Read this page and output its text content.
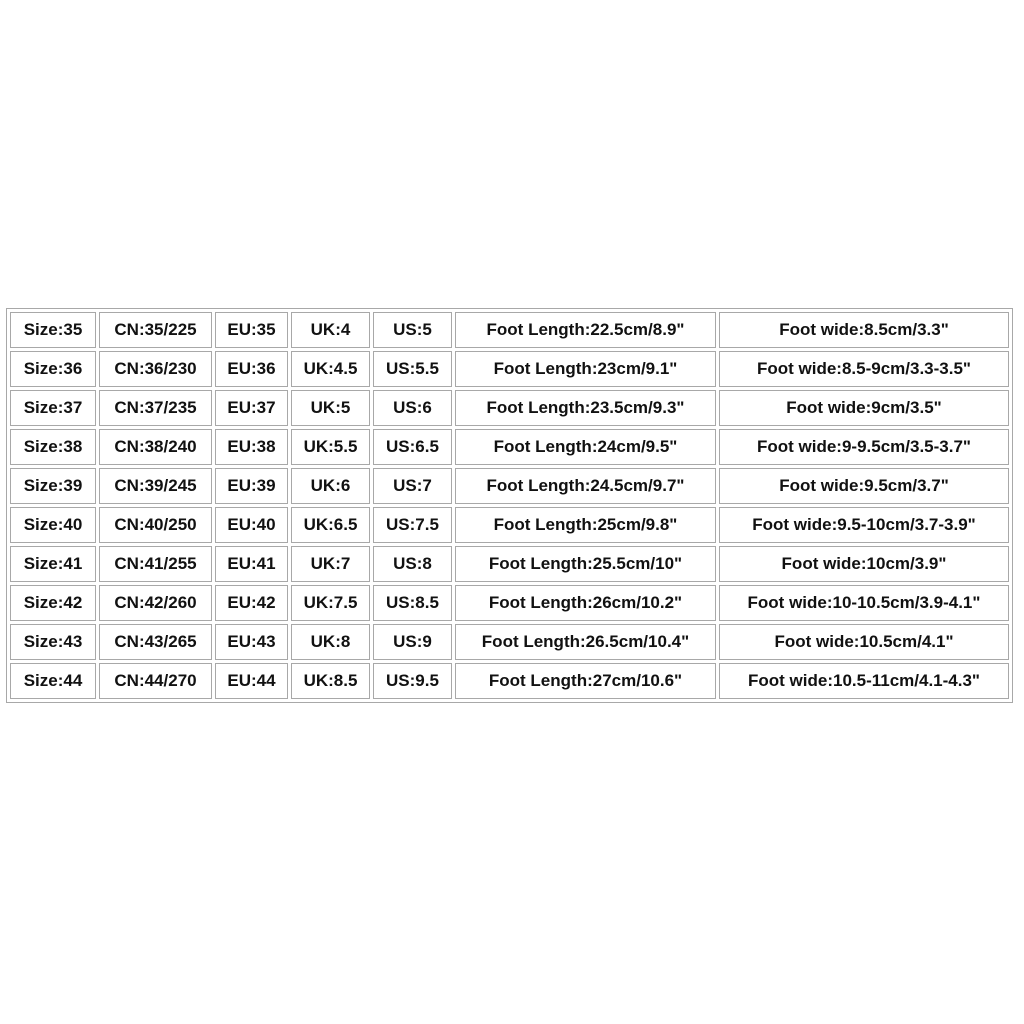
Size:35	CN:35/225	EU:35	UK:4	US:5	Foot Length:22.5cm/8.9"	Foot wide:8.5cm/3.3"
Size:36	CN:36/230	EU:36	UK:4.5	US:5.5	Foot Length:23cm/9.1"	Foot wide:8.5-9cm/3.3-3.5"
Size:37	CN:37/235	EU:37	UK:5	US:6	Foot Length:23.5cm/9.3"	Foot wide:9cm/3.5"
Size:38	CN:38/240	EU:38	UK:5.5	US:6.5	Foot Length:24cm/9.5"	Foot wide:9-9.5cm/3.5-3.7"
Size:39	CN:39/245	EU:39	UK:6	US:7	Foot Length:24.5cm/9.7"	Foot wide:9.5cm/3.7"
Size:40	CN:40/250	EU:40	UK:6.5	US:7.5	Foot Length:25cm/9.8"	Foot wide:9.5-10cm/3.7-3.9"
Size:41	CN:41/255	EU:41	UK:7	US:8	Foot Length:25.5cm/10"	Foot wide:10cm/3.9"
Size:42	CN:42/260	EU:42	UK:7.5	US:8.5	Foot Length:26cm/10.2"	Foot wide:10-10.5cm/3.9-4.1"
Size:43	CN:43/265	EU:43	UK:8	US:9	Foot Length:26.5cm/10.4"	Foot wide:10.5cm/4.1"
Size:44	CN:44/270	EU:44	UK:8.5	US:9.5	Foot Length:27cm/10.6"	Foot wide:10.5-11cm/4.1-4.3"
